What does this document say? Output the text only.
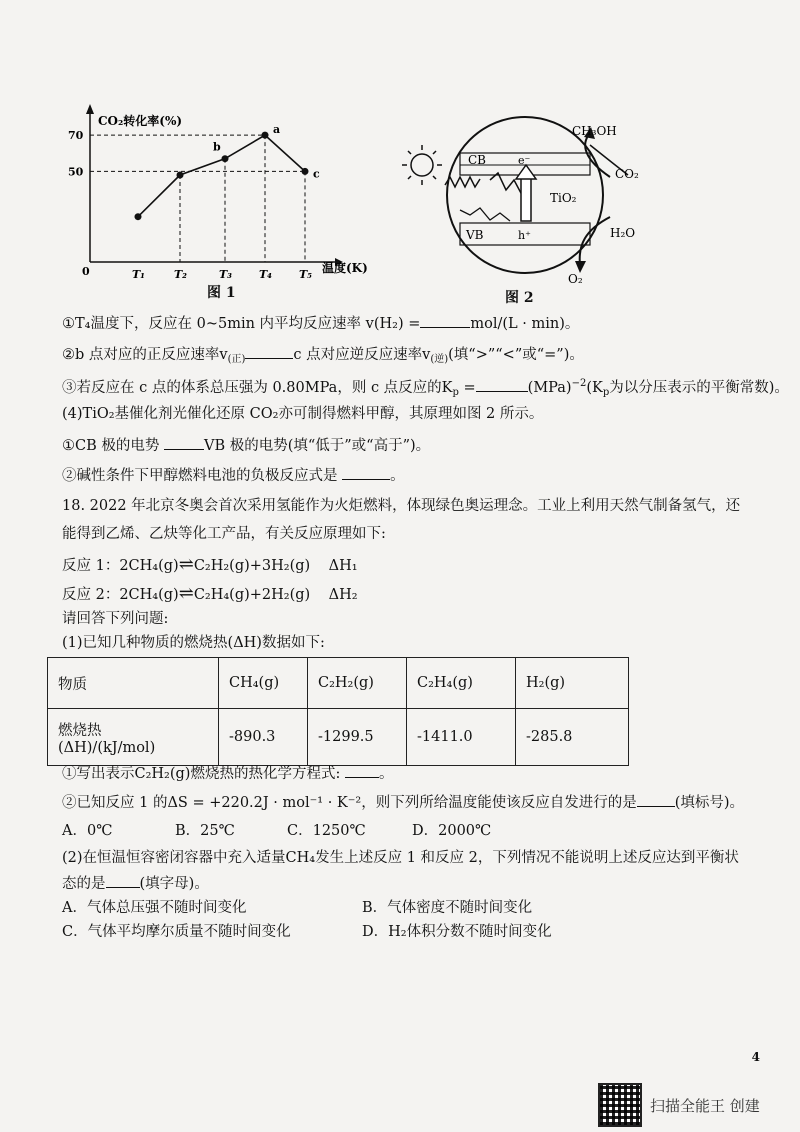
CO₂转化率(%)
温度(K)
0
70
50
T₁	T₂	T₃ T₄ T₅
b
a
c
图 1
CB	e⁻
VB	h⁺
TiO₂
CH₃OH
CO₂
H₂O
O₂
图 2
①T₄温度下，反应在 0~5min 内平均反应速率 v(H₂) =	mol/(L · min)。
②b 点对应的正反应速率$v_{(正)}$	c 点对应逆反应速率$v_{(逆)}$(填“>”“<”或“=”)。
③若反应在 c 点的体系总压强为 0.80MPa，则 c 点反应的$K_p$ =	$(MPa)^{-2}(K_p$为以分压表示的平衡常数)。
(4)TiO₂基催化剂光催化还原 CO₂亦可制得燃料甲醇，其原理如图 2 所示。
①CB 极的电势	VB 极的电势(填“低于”或“高于”)。
②碱性条件下甲醇燃料电池的负极反应式是	。
18. 2022 年北京冬奥会首次采用氢能作为火炬燃料，体现绿色奥运理念。工业上利用天然气制备氢气，还
能得到乙烯、乙炔等化工产品，有关反应原理如下:
反应 1：2CH₄(g)⇌C₂H₂(g)+3H₂(g) ΔH₁
反应 2：2CH₄(g)⇌C₂H₄(g)+2H₂(g) ΔH₂
请回答下列问题:
(1)已知几种物质的燃烧热(ΔH)数据如下:
物质	CH₄(g)	C₂H₂(g)	C₂H₄(g)	H₂(g)

燃烧热
(ΔH)/(kJ/mol)	-890.3	-1299.5	-1411.0	-285.8
①写出表示C₂H₂(g)燃烧热的热化学方程式:	。
②已知反应 1 的ΔS = +220.2J · mol⁻¹ · K⁻²，则下列所给温度能使该反应自发进行的是	(填标号)。
A．0℃	B．25℃	C．1250℃	D．2000℃
(2)在恒温恒容密闭容器中充入适量CH₄发生上述反应 1 和反应 2，下列情况不能说明上述反应达到平衡状
态的是 (填字母)。
A．气体总压强不随时间变化	B．气体密度不随时间变化
C．气体平均摩尔质量不随时间变化	D．H₂体积分数不随时间变化
4
扫描全能王 创建
